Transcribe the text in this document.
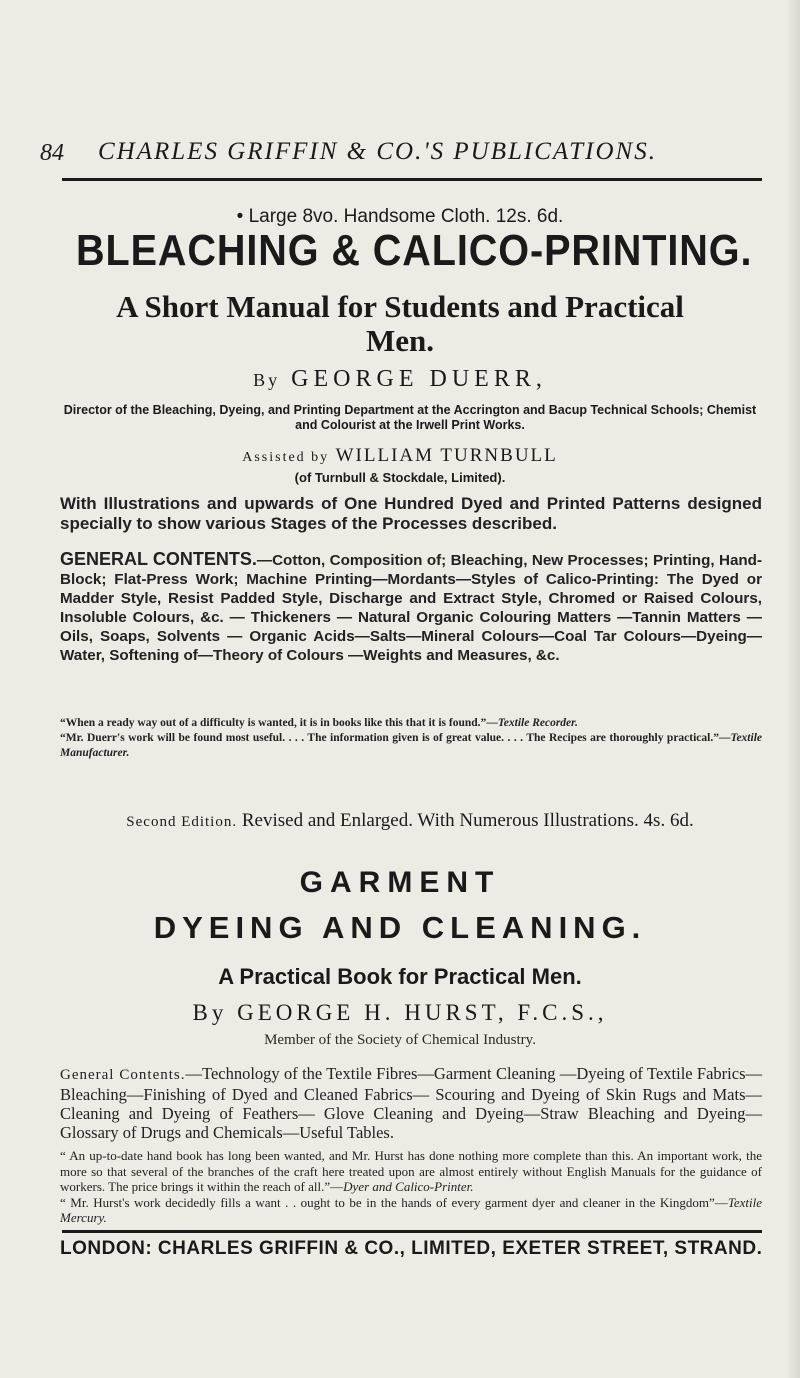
84 CHARLES GRIFFIN & CO.'S PUBLICATIONS.
• Large 8vo. Handsome Cloth. 12s. 6d.
BLEACHING & CALICO-PRINTING.
A Short Manual for Students and Practical Men.
By GEORGE DUERR,
Director of the Bleaching, Dyeing, and Printing Department at the Accrington and Bacup Technical Schools; Chemist and Colourist at the Irwell Print Works.
Assisted by WILLIAM TURNBULL
(of Turnbull & Stockdale, Limited).
With Illustrations and upwards of One Hundred Dyed and Printed Patterns designed specially to show various Stages of the Processes described.
GENERAL CONTENTS.—Cotton, Composition of; Bleaching, New Processes; Printing, Hand-Block; Flat-Press Work; Machine Printing—Mordants—Styles of Calico-Printing: The Dyed or Madder Style, Resist Padded Style, Discharge and Extract Style, Chromed or Raised Colours, Insoluble Colours, &c. — Thickeners — Natural Organic Colouring Matters —Tannin Matters — Oils, Soaps, Solvents — Organic Acids—Salts—Mineral Colours—Coal Tar Colours—Dyeing—Water, Softening of—Theory of Colours —Weights and Measures, &c.
“When a ready way out of a difficulty is wanted, it is in books like this that it is found.”—Textile Recorder.
“Mr. Duerr's work will be found most useful. . . . The information given is of great value. . . . The Recipes are thoroughly practical.”—Textile Manufacturer.
Second Edition. Revised and Enlarged. With Numerous Illustrations. 4s. 6d.
GARMENT
DYEING AND CLEANING.
A Practical Book for Practical Men.
By GEORGE H. HURST, F.C.S.,
Member of the Society of Chemical Industry.
General Contents.—Technology of the Textile Fibres—Garment Cleaning —Dyeing of Textile Fabrics—Bleaching—Finishing of Dyed and Cleaned Fabrics— Scouring and Dyeing of Skin Rugs and Mats—Cleaning and Dyeing of Feathers— Glove Cleaning and Dyeing—Straw Bleaching and Dyeing—Glossary of Drugs and Chemicals—Useful Tables.
“ An up-to-date hand book has long been wanted, and Mr. Hurst has done nothing more complete than this. An important work, the more so that several of the branches of the craft here treated upon are almost entirely without English Manuals for the guidance of workers. The price brings it within the reach of all.”—Dyer and Calico-Printer.
“ Mr. Hurst's work decidedly fills a want . . ought to be in the hands of every garment dyer and cleaner in the Kingdom”—Textile Mercury.
LONDON: CHARLES GRIFFIN & CO., LIMITED, EXETER STREET, STRAND.
